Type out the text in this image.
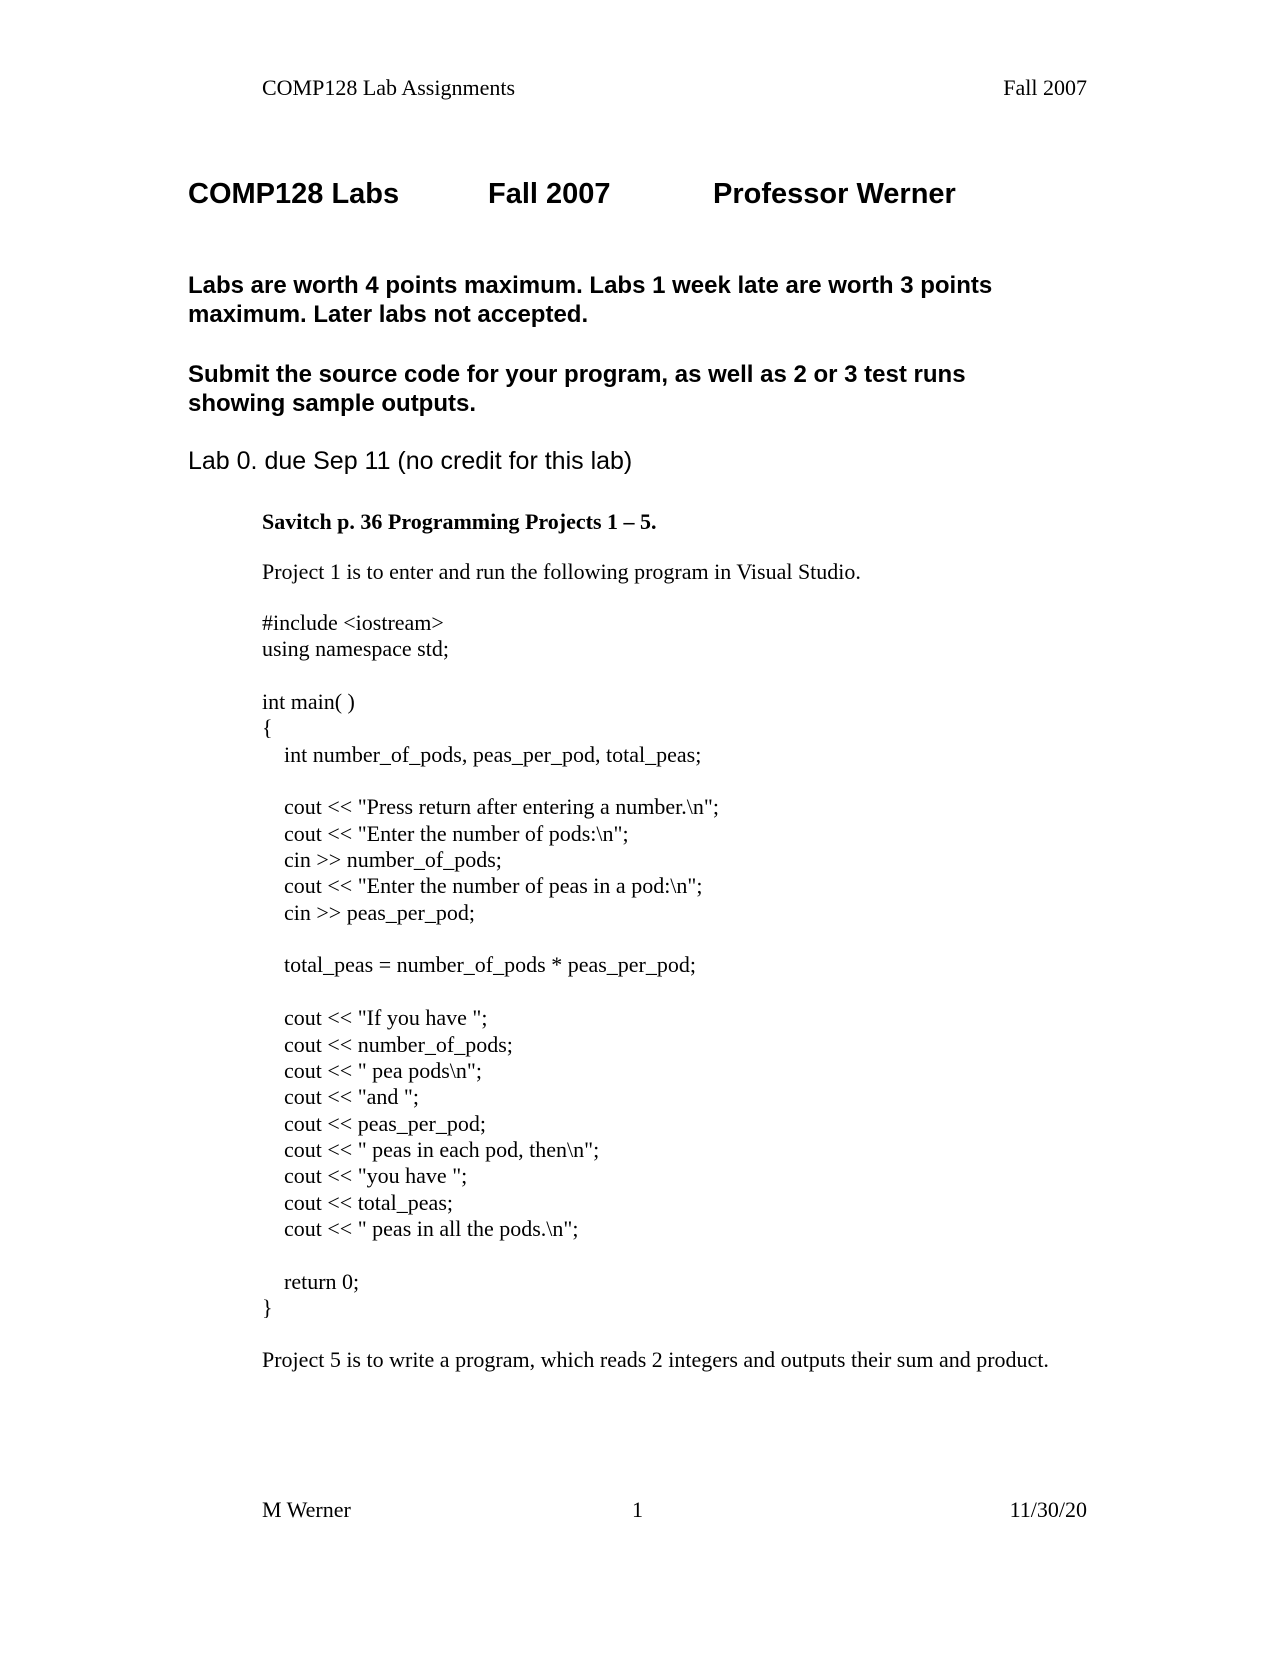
COMP128 Lab Assignments	Fall 2007
COMP128 Labs	Fall 2007	Professor Werner
Labs are worth 4 points maximum. Labs 1 week late are worth 3 points maximum. Later labs not accepted.
Submit the source code for your program, as well as 2 or 3 test runs showing sample outputs.
Lab 0. due Sep 11 (no credit for this lab)

Savitch p. 36 Programming Projects 1 – 5.

Project 1 is to enter and run the following program in Visual Studio.

#include <iostream>
using namespace std;
int main( )
{
int number_of_pods, peas_per_pod, total_peas;
cout << "Press return after entering a number.\n";
cout << "Enter the number of pods:\n";
cin >> number_of_pods;
cout << "Enter the number of peas in a pod:\n";
cin >> peas_per_pod;
total_peas = number_of_pods * peas_per_pod;
cout << "If you have ";
cout << number_of_pods;
cout << " pea pods\n";
cout << "and ";
cout << peas_per_pod;
cout << " peas in each pod, then\n";
cout << "you have ";
cout << total_peas;
cout << " peas in all the pods.\n";
return 0;
}

Project 5 is to write a program, which reads 2 integers and outputs their sum and product.

M Werner	1	11/30/20
